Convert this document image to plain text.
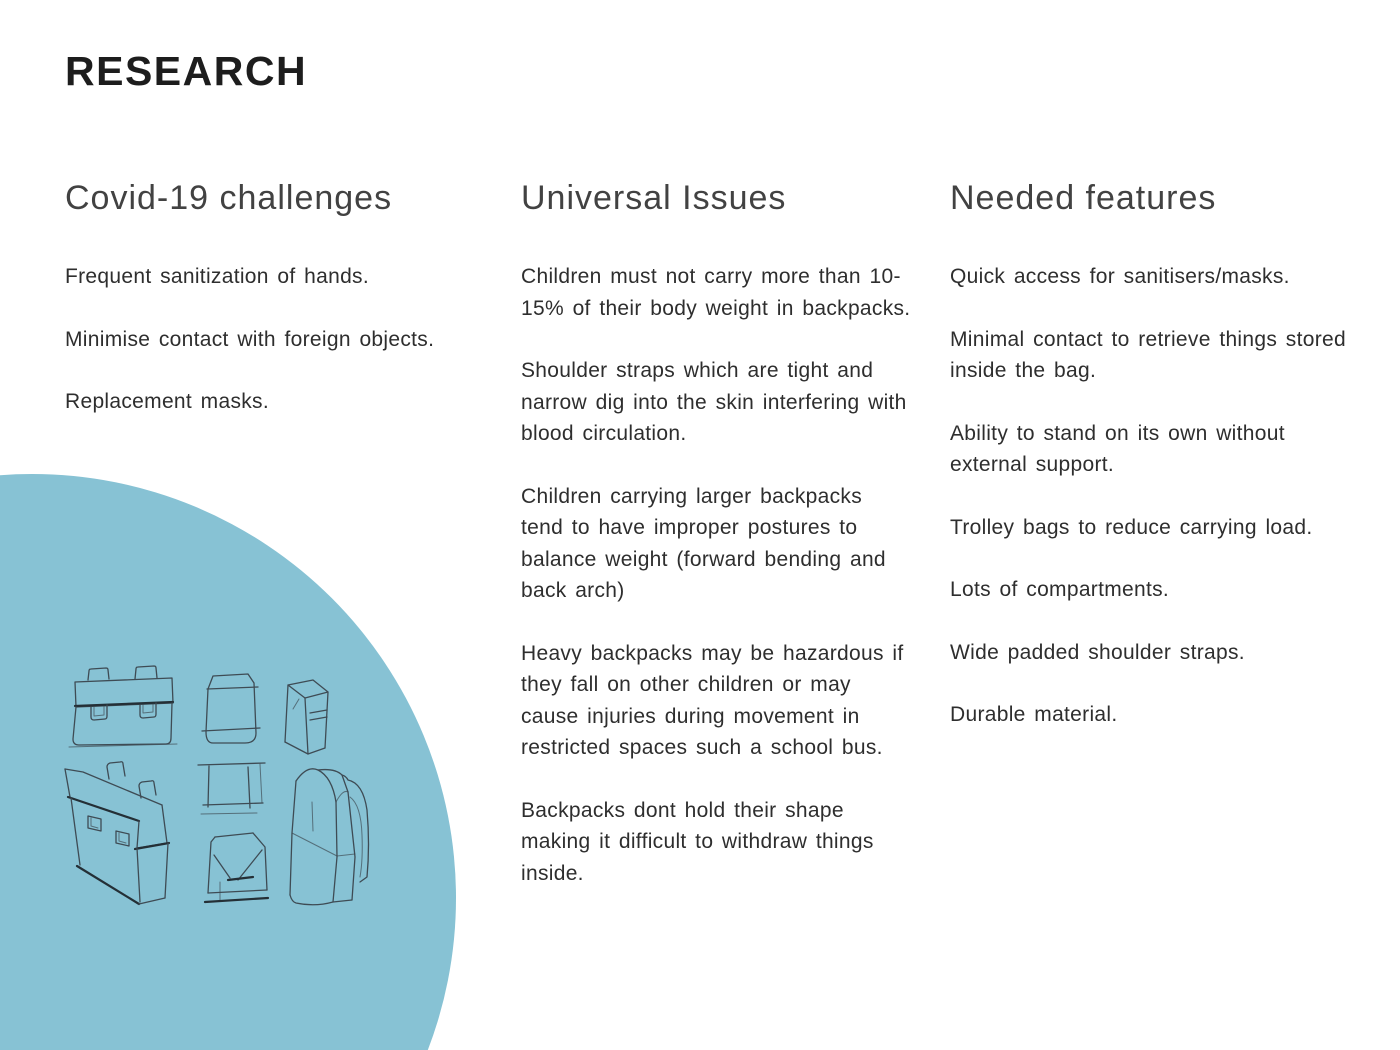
RESEARCH
Covid-19 challenges

Frequent sanitization of hands.

Minimise contact with foreign objects.

Replacement masks.

Universal Issues

Children must not carry more than 10-15% of their body weight in backpacks.

Shoulder straps which are tight and narrow dig into the skin interfering with blood circulation.

Children carrying larger backpacks tend to have improper postures to balance weight (forward bending and back arch)

Heavy backpacks may be hazardous if they fall on other children or may cause injuries during movement in restricted spaces such a school bus.

Backpacks dont hold their shape making it difficult to withdraw things inside.

Needed features

Quick access for sanitisers/masks.

Minimal contact to retrieve things stored inside the bag.

Ability to stand on its own without external support.

Trolley bags to reduce carrying load.

Lots of compartments.

Wide padded shoulder straps.

Durable material.
